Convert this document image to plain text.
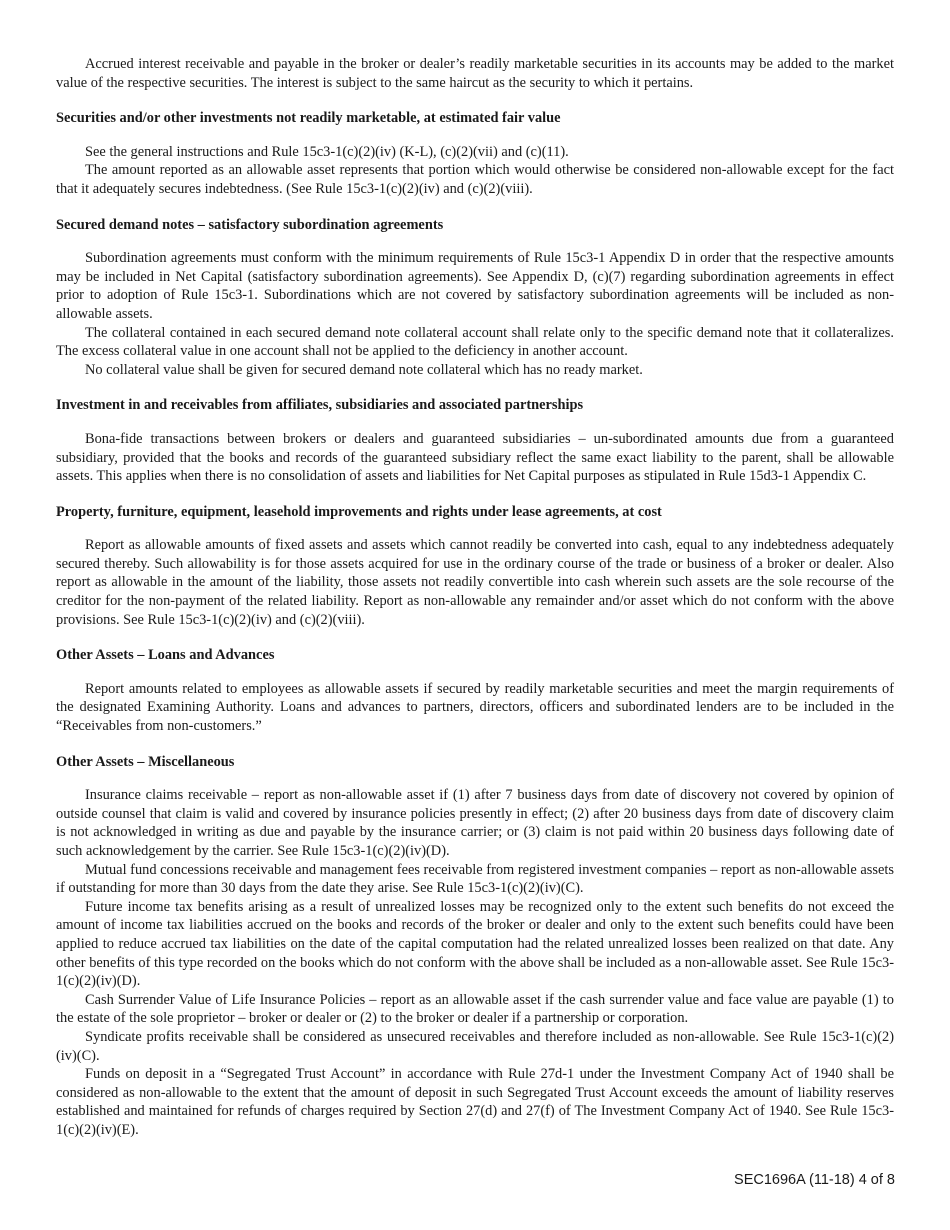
Accrued interest receivable and payable in the broker or dealer’s readily marketable securities in its accounts may be added to the market value of the respective securities. The interest is subject to the same haircut as the security to which it pertains.

Securities and/or other investments not readily marketable, at estimated fair value

See the general instructions and Rule 15c3-1(c)(2)(iv) (K-L), (c)(2)(vii) and (c)(11).

The amount reported as an allowable asset represents that portion which would otherwise be considered non-allowable except for the fact that it adequately secures indebtedness. (See Rule 15c3-1(c)(2)(iv) and (c)(2)(viii).

Secured demand notes – satisfactory subordination agreements

Subordination agreements must conform with the minimum requirements of Rule 15c3-1 Appendix D in order that the respective amounts may be included in Net Capital (satisfactory subordination agreements). See Appendix D, (c)(7) regarding subordination agreements in effect prior to adoption of Rule 15c3-1. Subordinations which are not covered by satisfactory subordination agreements will be included as non-allowable assets.

The collateral contained in each secured demand note collateral account shall relate only to the specific demand note that it collateralizes. The excess collateral value in one account shall not be applied to the deficiency in another account.

No collateral value shall be given for secured demand note collateral which has no ready market.

Investment in and receivables from affiliates, subsidiaries and associated partnerships

Bona-fide transactions between brokers or dealers and guaranteed subsidiaries – un-subordinated amounts due from a guaranteed subsidiary, provided that the books and records of the guaranteed subsidiary reflect the same exact liability to the parent, shall be allowable assets. This applies when there is no consolidation of assets and liabilities for Net Capital purposes as stipulated in Rule 15d3-1 Appendix C.

Property, furniture, equipment, leasehold improvements and rights under lease agreements, at cost

Report as allowable amounts of fixed assets and assets which cannot readily be converted into cash, equal to any indebtedness adequately secured thereby. Such allowability is for those assets acquired for use in the ordinary course of the trade or business of a broker or dealer. Also report as allowable in the amount of the liability, those assets not readily convertible into cash wherein such assets are the sole recourse of the creditor for the non-payment of the related liability. Report as non-allowable any remainder and/or asset which do not conform with the above provisions. See Rule 15c3-1(c)(2)(iv) and (c)(2)(viii).

Other Assets – Loans and Advances

Report amounts related to employees as allowable assets if secured by readily marketable securities and meet the margin requirements of the designated Examining Authority. Loans and advances to partners, directors, officers and subordinated lenders are to be included in the “Receivables from non-customers.”

Other Assets – Miscellaneous

Insurance claims receivable – report as non-allowable asset if (1) after 7 business days from date of discovery not covered by opinion of outside counsel that claim is valid and covered by insurance policies presently in effect; (2) after 20 business days from date of discovery claim is not acknowledged in writing as due and payable by the insurance carrier; or (3) claim is not paid within 20 business days following date of such acknowledgement by the carrier. See Rule 15c3-1(c)(2)(iv)(D).

Mutual fund concessions receivable and management fees receivable from registered investment companies – report as non-allowable assets if outstanding for more than 30 days from the date they arise. See Rule 15c3-1(c)(2)(iv)(C).

Future income tax benefits arising as a result of unrealized losses may be recognized only to the extent such benefits do not exceed the amount of income tax liabilities accrued on the books and records of the broker or dealer and only to the extent such benefits could have been applied to reduce accrued tax liabilities on the date of the capital computation had the related unrealized losses been realized on that date. Any other benefits of this type recorded on the books which do not conform with the above shall be included as a non-allowable asset. See Rule 15c3-1(c)(2)(iv)(D).

Cash Surrender Value of Life Insurance Policies – report as an allowable asset if the cash surrender value and face value are payable (1) to the estate of the sole proprietor – broker or dealer or (2) to the broker or dealer if a partnership or corporation.

Syndicate profits receivable shall be considered as unsecured receivables and therefore included as non-allowable. See Rule 15c3-1(c)(2)(iv)(C).

Funds on deposit in a “Segregated Trust Account” in accordance with Rule 27d-1 under the Investment Company Act of 1940 shall be considered as non-allowable to the extent that the amount of deposit in such Segregated Trust Account exceeds the amount of liability reserves established and maintained for refunds of charges required by Section 27(d) and 27(f) of The Investment Company Act of 1940. See Rule 15c3-1(c)(2)(iv)(E).

SEC1696A (11-18) 4 of 8
